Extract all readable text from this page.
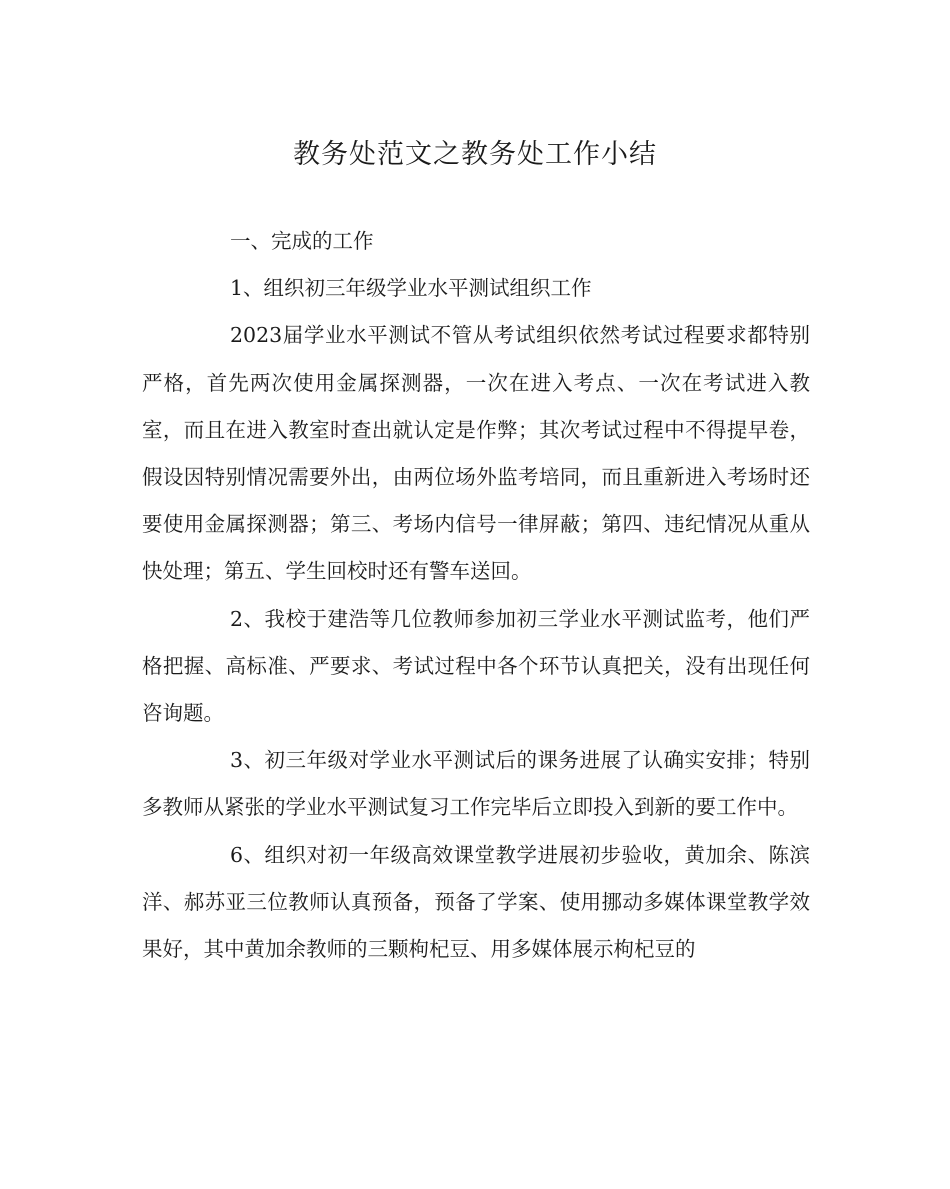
教务处范文之教务处工作小结

一、完成的工作

1、组织初三年级学业水平测试组织工作

2023届学业水平测试不管从考试组织依然考试过程要求都特别严格，首先两次使用金属探测器，一次在进入考点、一次在考试进入教室，而且在进入教室时查出就认定是作弊；其次考试过程中不得提早卷，假设因特别情况需要外出，由两位场外监考培同，而且重新进入考场时还要使用金属探测器；第三、考场内信号一律屏蔽；第四、违纪情况从重从快处理；第五、学生回校时还有警车送回。

2、我校于建浩等几位教师参加初三学业水平测试监考，他们严格把握、高标准、严要求、考试过程中各个环节认真把关，没有出现任何咨询题。

3、初三年级对学业水平测试后的课务进展了认确实安排；特别多教师从紧张的学业水平测试复习工作完毕后立即投入到新的要工作中。

6、组织对初一年级高效课堂教学进展初步验收，黄加余、陈滨洋、郝苏亚三位教师认真预备，预备了学案、使用挪动多媒体课堂教学效果好，其中黄加余教师的三颗枸杞豆、用多媒体展示枸杞豆的
